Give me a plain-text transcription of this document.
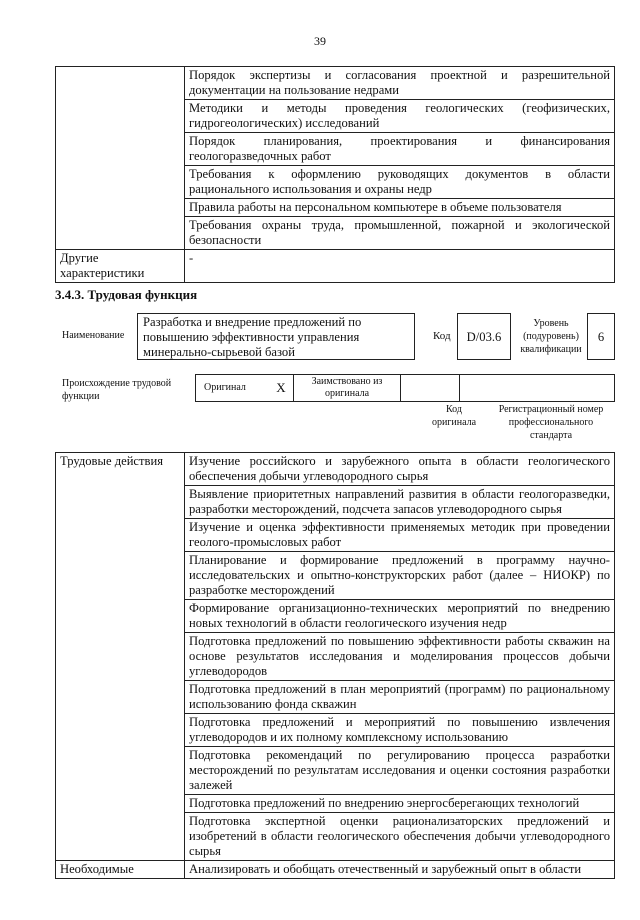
39
	Порядок экспертизы и согласования проектной и разрешительной документации на пользование недрами
	Методики и методы проведения геологических (геофизических, гидрогеологических) исследований
	Порядок планирования, проектирования и финансирования геологоразведочных работ
	Требования к оформлению руководящих документов в области рационального использования и охраны недр
	Правила работы на персональном компьютере в объеме пользователя
	Требования охраны труда, промышленной, пожарной и экологической безопасности
Другие характеристики	-
3.4.3. Трудовая функция
Наименование
Разработка и внедрение предложений по повышению эффективности управления минерально-сырьевой базой
Код	D/03.6
Уровень (подуровень) квалификации
6
Происхождение трудовой функции
Оригинал	X	Заимствовано из оригинала		
Код оригинала
Регистрационный номер профессионального стандарта
Трудовые действия	Изучение российского и зарубежного опыта в области геологического обеспечения добычи углеводородного сырья
	Выявление приоритетных направлений развития в области геологоразведки, разработки месторождений, подсчета запасов углеводородного сырья
	Изучение и оценка эффективности применяемых методик при проведении геолого-промысловых работ
	Планирование и формирование предложений в программу научно-исследовательских и опытно-конструкторских работ (далее – НИОКР) по разработке месторождений
	Формирование организационно-технических мероприятий по внедрению новых технологий в области геологического изучения недр
	Подготовка предложений по повышению эффективности работы скважин на основе результатов исследования и моделирования процессов добычи углеводородов
	Подготовка предложений в план мероприятий (программ) по рациональному использованию фонда скважин
	Подготовка предложений и мероприятий по повышению извлечения углеводородов и их полному комплексному использованию
	Подготовка рекомендаций по регулированию процесса разработки месторождений по результатам исследования и оценки состояния разработки залежей
	Подготовка предложений по внедрению энергосберегающих технологий
	Подготовка экспертной оценки рационализаторских предложений и изобретений в области геологического обеспечения добычи углеводородного сырья
Необходимые	Анализировать и обобщать отечественный и зарубежный опыт в области
